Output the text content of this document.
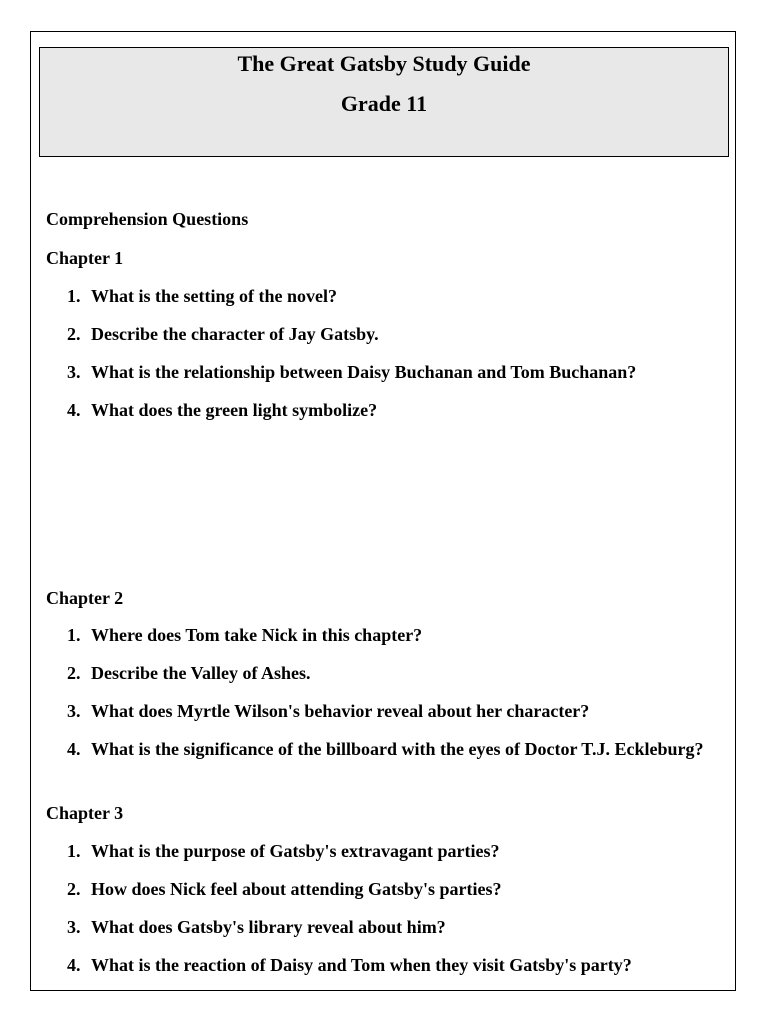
The Great Gatsby Study Guide
Grade 11

Comprehension Questions

Chapter 1

1. What is the setting of the novel?
2. Describe the character of Jay Gatsby.
3. What is the relationship between Daisy Buchanan and Tom Buchanan?
4. What does the green light symbolize?

Chapter 2

1. Where does Tom take Nick in this chapter?
2. Describe the Valley of Ashes.
3. What does Myrtle Wilson's behavior reveal about her character?
4. What is the significance of the billboard with the eyes of Doctor T.J. Eckleburg?

Chapter 3

1. What is the purpose of Gatsby's extravagant parties?
2. How does Nick feel about attending Gatsby's parties?
3. What does Gatsby's library reveal about him?
4. What is the reaction of Daisy and Tom when they visit Gatsby's party?
